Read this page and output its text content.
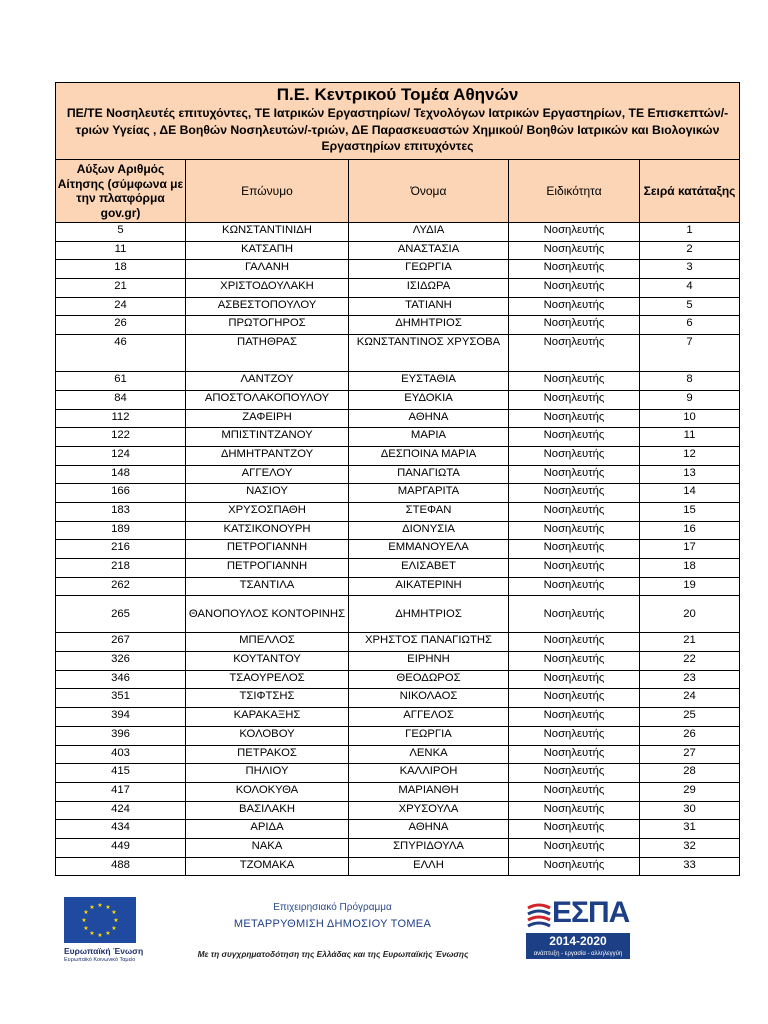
Π.Ε. Κεντρικού Τομέα Αθηνών
ΠΕ/ΤΕ Νοσηλευτές επιτυχόντες, ΤΕ Ιατρικών Εργαστηρίων/ Τεχνολόγων Ιατρικών Εργαστηρίων, ΤΕ Επισκεπτών/-τριών Υγείας , ΔΕ Βοηθών Νοσηλευτών/-τριών, ΔΕ Παρασκευαστών Χημικού/ Βοηθών Ιατρικών και Βιολογικών Εργαστηρίων επιτυχόντες				

Αύξων Αριθμός Αίτησης (σύμφωνα με την πλατφόρμα gov.gr)	Επώνυμο	Όνομα	Ειδικότητα	Σειρά κατάταξης
5	ΚΩΝΣΤΑΝΤΙΝΙΔΗ	ΛΥΔΙΑ	Νοσηλευτής	1
11	ΚΑΤΣΑΠΗ	ΑΝΑΣΤΑΣΙΑ	Νοσηλευτής	2
18	ΓΑΛΑΝΗ	ΓΕΩΡΓΙΑ	Νοσηλευτής	3
21	ΧΡΙΣΤΟΔΟΥΛΑΚΗ	ΙΣΙΔΩΡΑ	Νοσηλευτής	4
24	ΑΣΒΕΣΤΟΠΟΥΛΟΥ	ΤΑΤΙΑΝΗ	Νοσηλευτής	5
26	ΠΡΩΤΟΓΗΡΟΣ	ΔΗΜΗΤΡΙΟΣ	Νοσηλευτής	6
46	ΠΑΤΗΘΡΑΣ	ΚΩΝΣΤΑΝΤΙΝΟΣ ΧΡΥΣΟΒΑ	Νοσηλευτής	7
61	ΛΑΝΤΖΟΥ	ΕΥΣΤΑΘΙΑ	Νοσηλευτής	8
84	ΑΠΟΣΤΟΛΑΚΟΠΟΥΛΟΥ	ΕΥΔΟΚΙΑ	Νοσηλευτής	9
112	ΖΑΦΕΙΡΗ	ΑΘΗΝΑ	Νοσηλευτής	10
122	ΜΠΙΣΤΙΝΤΖΑΝΟΥ	ΜΑΡΙΑ	Νοσηλευτής	11
124	ΔΗΜΗΤΡΑΝΤΖΟΥ	ΔΕΣΠΟΙΝΑ ΜΑΡΙΑ	Νοσηλευτής	12
148	ΑΓΓΕΛΟΥ	ΠΑΝΑΓΙΩΤΑ	Νοσηλευτής	13
166	ΝΑΣΙΟΥ	ΜΑΡΓΑΡΙΤΑ	Νοσηλευτής	14
183	ΧΡΥΣΟΣΠΑΘΗ	ΣΤΕΦΑΝ	Νοσηλευτής	15
189	ΚΑΤΣΙΚΟΝΟΥΡΗ	ΔΙΟΝΥΣΙΑ	Νοσηλευτής	16
216	ΠΕΤΡΟΓΙΑΝΝΗ	ΕΜΜΑΝΟΥΕΛΑ	Νοσηλευτής	17
218	ΠΕΤΡΟΓΙΑΝΝΗ	ΕΛΙΣΑΒΕΤ	Νοσηλευτής	18
262	ΤΣΑΝΤΙΛΑ	ΑΙΚΑΤΕΡΙΝΗ	Νοσηλευτής	19
265	ΘΑΝΟΠΟΥΛΟΣ ΚΟΝΤΟΡΙΝΗΣ	ΔΗΜΗΤΡΙΟΣ	Νοσηλευτής	20
267	ΜΠΕΛΛΟΣ	ΧΡΗΣΤΟΣ ΠΑΝΑΓΙΩΤΗΣ	Νοσηλευτής	21
326	ΚΟΥΤΑΝΤΟΥ	ΕΙΡΗΝΗ	Νοσηλευτής	22
346	ΤΣΑΟΥΡΕΛΟΣ	ΘΕΟΔΩΡΟΣ	Νοσηλευτής	23
351	ΤΣΙΦΤΣΗΣ	ΝΙΚΟΛΑΟΣ	Νοσηλευτής	24
394	ΚΑΡΑΚΑΞΗΣ	ΑΓΓΕΛΟΣ	Νοσηλευτής	25
396	ΚΟΛΟΒΟΥ	ΓΕΩΡΓΙΑ	Νοσηλευτής	26
403	ΠΕΤΡΑΚΟΣ	ΛΕΝΚΑ	Νοσηλευτής	27
415	ΠΗΛΙΟΥ	ΚΑΛΛΙΡΟΗ	Νοσηλευτής	28
417	ΚΟΛΟΚΥΘΑ	ΜΑΡΙΑΝΘΗ	Νοσηλευτής	29
424	ΒΑΣΙΛΑΚΗ	ΧΡΥΣΟΥΛΑ	Νοσηλευτής	30
434	ΑΡΙΔΑ	ΑΘΗΝΑ	Νοσηλευτής	31
449	ΝΑΚΑ	ΣΠΥΡΙΔΟΥΛΑ	Νοσηλευτής	32
488	ΤΖΟΜΑΚΑ	ΕΛΛΗ	Νοσηλευτής	33
★ ★
★
★
★
★
★
★
★
★
★
★
Ευρωπαϊκή Ένωση
Ευρωπαϊκό Κοινωνικό Ταμείο
Επιχειρησιακό Πρόγραμμα
ΜΕΤΑΡΡΥΘΜΙΣΗ ΔΗΜΟΣΙΟΥ ΤΟΜΕΑ
Με τη συγχρηματοδότηση της Ελλάδας και της Ευρωπαϊκής Ένωσης
ΕΣΠΑ
2014-2020
ανάπτυξη - εργασία - αλληλεγγύη
